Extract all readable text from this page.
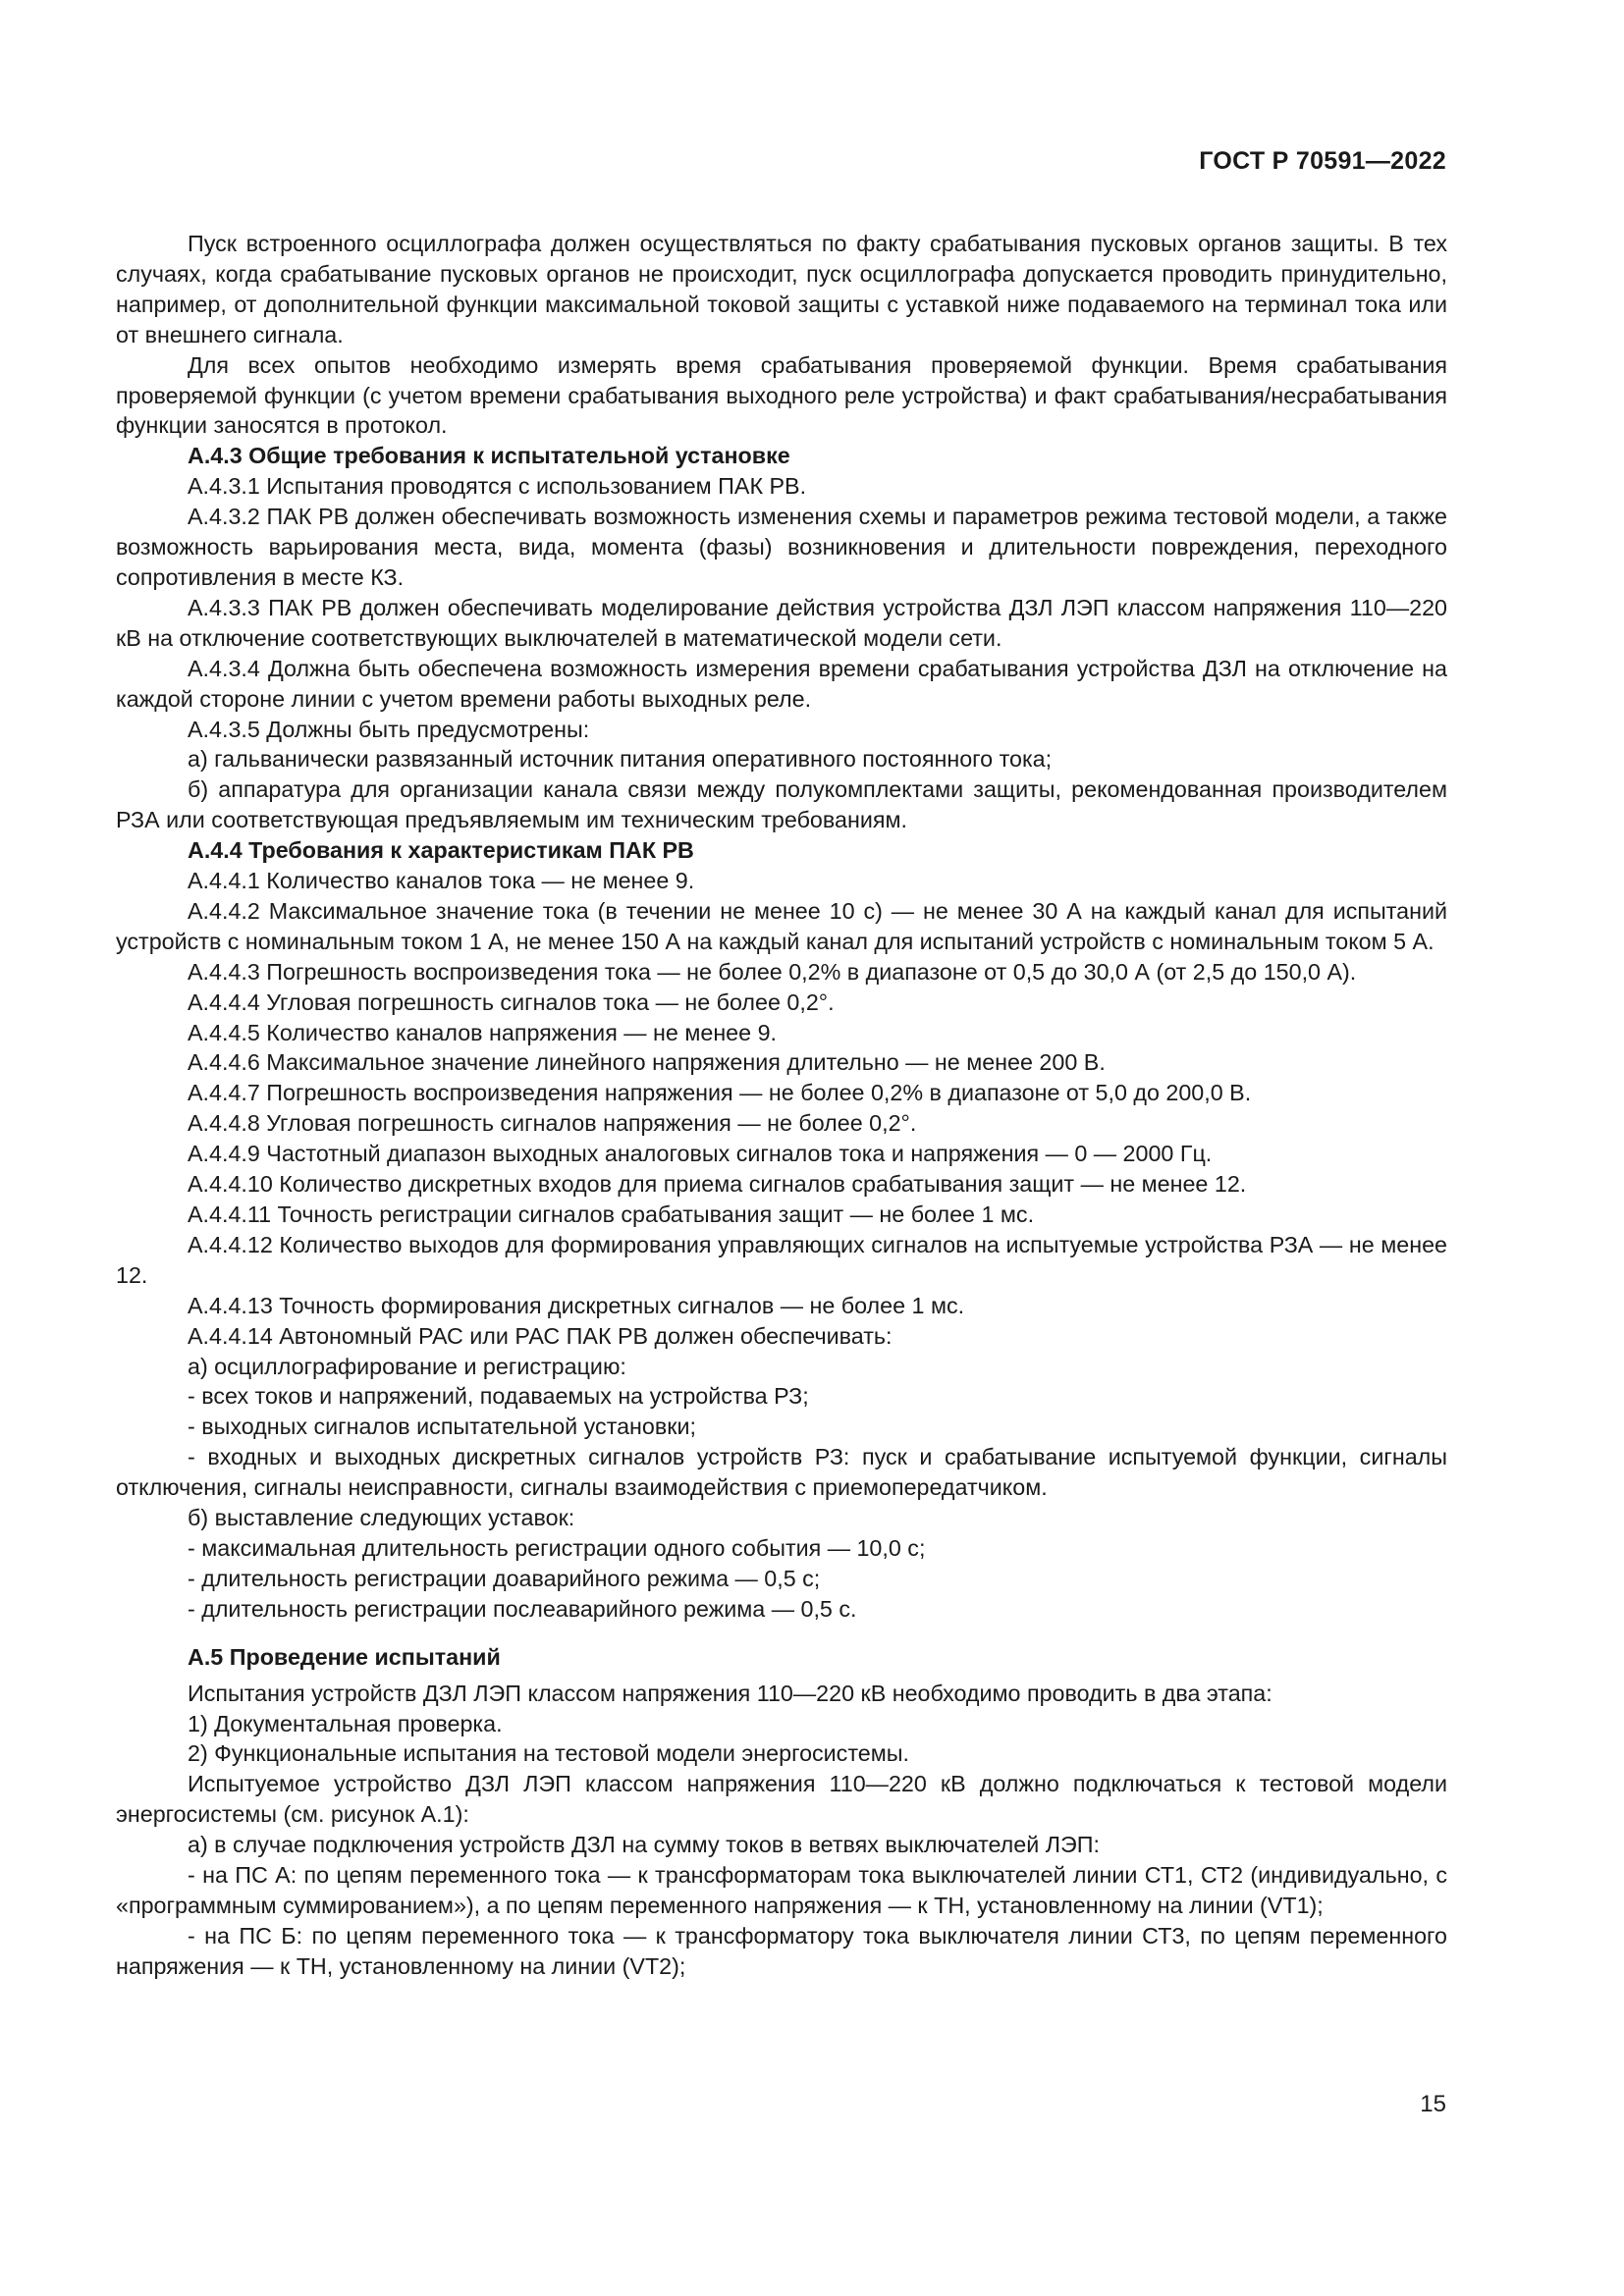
ГОСТ Р 70591—2022

Пуск встроенного осциллографа должен осуществляться по факту срабатывания пусковых органов защиты. В тех случаях, когда срабатывание пусковых органов не происходит, пуск осциллографа допускается проводить принудительно, например, от дополнительной функции максимальной токовой защиты с уставкой ниже подаваемого на терминал тока или от внешнего сигнала.

Для всех опытов необходимо измерять время срабатывания проверяемой функции. Время срабатывания проверяемой функции (с учетом времени срабатывания выходного реле устройства) и факт срабатывания/несрабатывания функции заносятся в протокол.

А.4.3 Общие требования к испытательной установке

А.4.3.1 Испытания проводятся с использованием ПАК РВ.

А.4.3.2 ПАК РВ должен обеспечивать возможность изменения схемы и параметров режима тестовой модели, а также возможность варьирования места, вида, момента (фазы) возникновения и длительности повреждения, переходного сопротивления в месте КЗ.

А.4.3.3 ПАК РВ должен обеспечивать моделирование действия устройства ДЗЛ ЛЭП классом напряжения 110—220 кВ на отключение соответствующих выключателей в математической модели сети.

А.4.3.4 Должна быть обеспечена возможность измерения времени срабатывания устройства ДЗЛ на отключение на каждой стороне линии с учетом времени работы выходных реле.

А.4.3.5 Должны быть предусмотрены:

а) гальванически развязанный источник питания оперативного постоянного тока;

б) аппаратура для организации канала связи между полукомплектами защиты, рекомендованная производителем РЗА или соответствующая предъявляемым им техническим требованиям.

А.4.4 Требования к характеристикам ПАК РВ

А.4.4.1 Количество каналов тока — не менее 9.

А.4.4.2 Максимальное значение тока (в течении не менее 10 с) — не менее 30 А на каждый канал для испытаний устройств с номинальным током 1 А, не менее 150 А на каждый канал для испытаний устройств с номинальным током 5 А.

А.4.4.3 Погрешность воспроизведения тока — не более 0,2% в диапазоне от 0,5 до 30,0 А (от 2,5 до 150,0 А).

А.4.4.4 Угловая погрешность сигналов тока — не более 0,2°.

А.4.4.5 Количество каналов напряжения — не менее 9.

А.4.4.6 Максимальное значение линейного напряжения длительно — не менее 200 В.

А.4.4.7 Погрешность воспроизведения напряжения — не более 0,2% в диапазоне от 5,0 до 200,0 В.

А.4.4.8 Угловая погрешность сигналов напряжения — не более 0,2°.

А.4.4.9 Частотный диапазон выходных аналоговых сигналов тока и напряжения — 0 — 2000 Гц.

А.4.4.10 Количество дискретных входов для приема сигналов срабатывания защит — не менее 12.

А.4.4.11 Точность регистрации сигналов срабатывания защит — не более 1 мс.

А.4.4.12 Количество выходов для формирования управляющих сигналов на испытуемые устройства РЗА — не менее 12.

А.4.4.13 Точность формирования дискретных сигналов — не более 1 мс.

А.4.4.14 Автономный РАС или РАС ПАК РВ должен обеспечивать:

а) осциллографирование и регистрацию:

- всех токов и напряжений, подаваемых на устройства РЗ;

- выходных сигналов испытательной установки;

- входных и выходных дискретных сигналов устройств РЗ: пуск и срабатывание испытуемой функции, сигналы отключения, сигналы неисправности, сигналы взаимодействия с приемопередатчиком.

б) выставление следующих уставок:

- максимальная длительность регистрации одного события — 10,0 с;

- длительность регистрации доаварийного режима — 0,5 с;

- длительность регистрации послеаварийного режима — 0,5 с.

А.5 Проведение испытаний

Испытания устройств ДЗЛ ЛЭП классом напряжения 110—220 кВ необходимо проводить в два этапа:

1) Документальная проверка.

2) Функциональные испытания на тестовой модели энергосистемы.

Испытуемое устройство ДЗЛ ЛЭП классом напряжения 110—220 кВ должно подключаться к тестовой модели энергосистемы (см. рисунок А.1):

а) в случае подключения устройств ДЗЛ на сумму токов в ветвях выключателей ЛЭП:

- на ПС А: по цепям переменного тока — к трансформаторам тока выключателей линии СТ1, СТ2 (индивидуально, с «программным суммированием»), а по цепям переменного напряжения — к ТН, установленному на линии (VT1);

- на ПС Б: по цепям переменного тока — к трансформатору тока выключателя линии СТ3, по цепям переменного напряжения — к ТН, установленному на линии (VT2);

15
